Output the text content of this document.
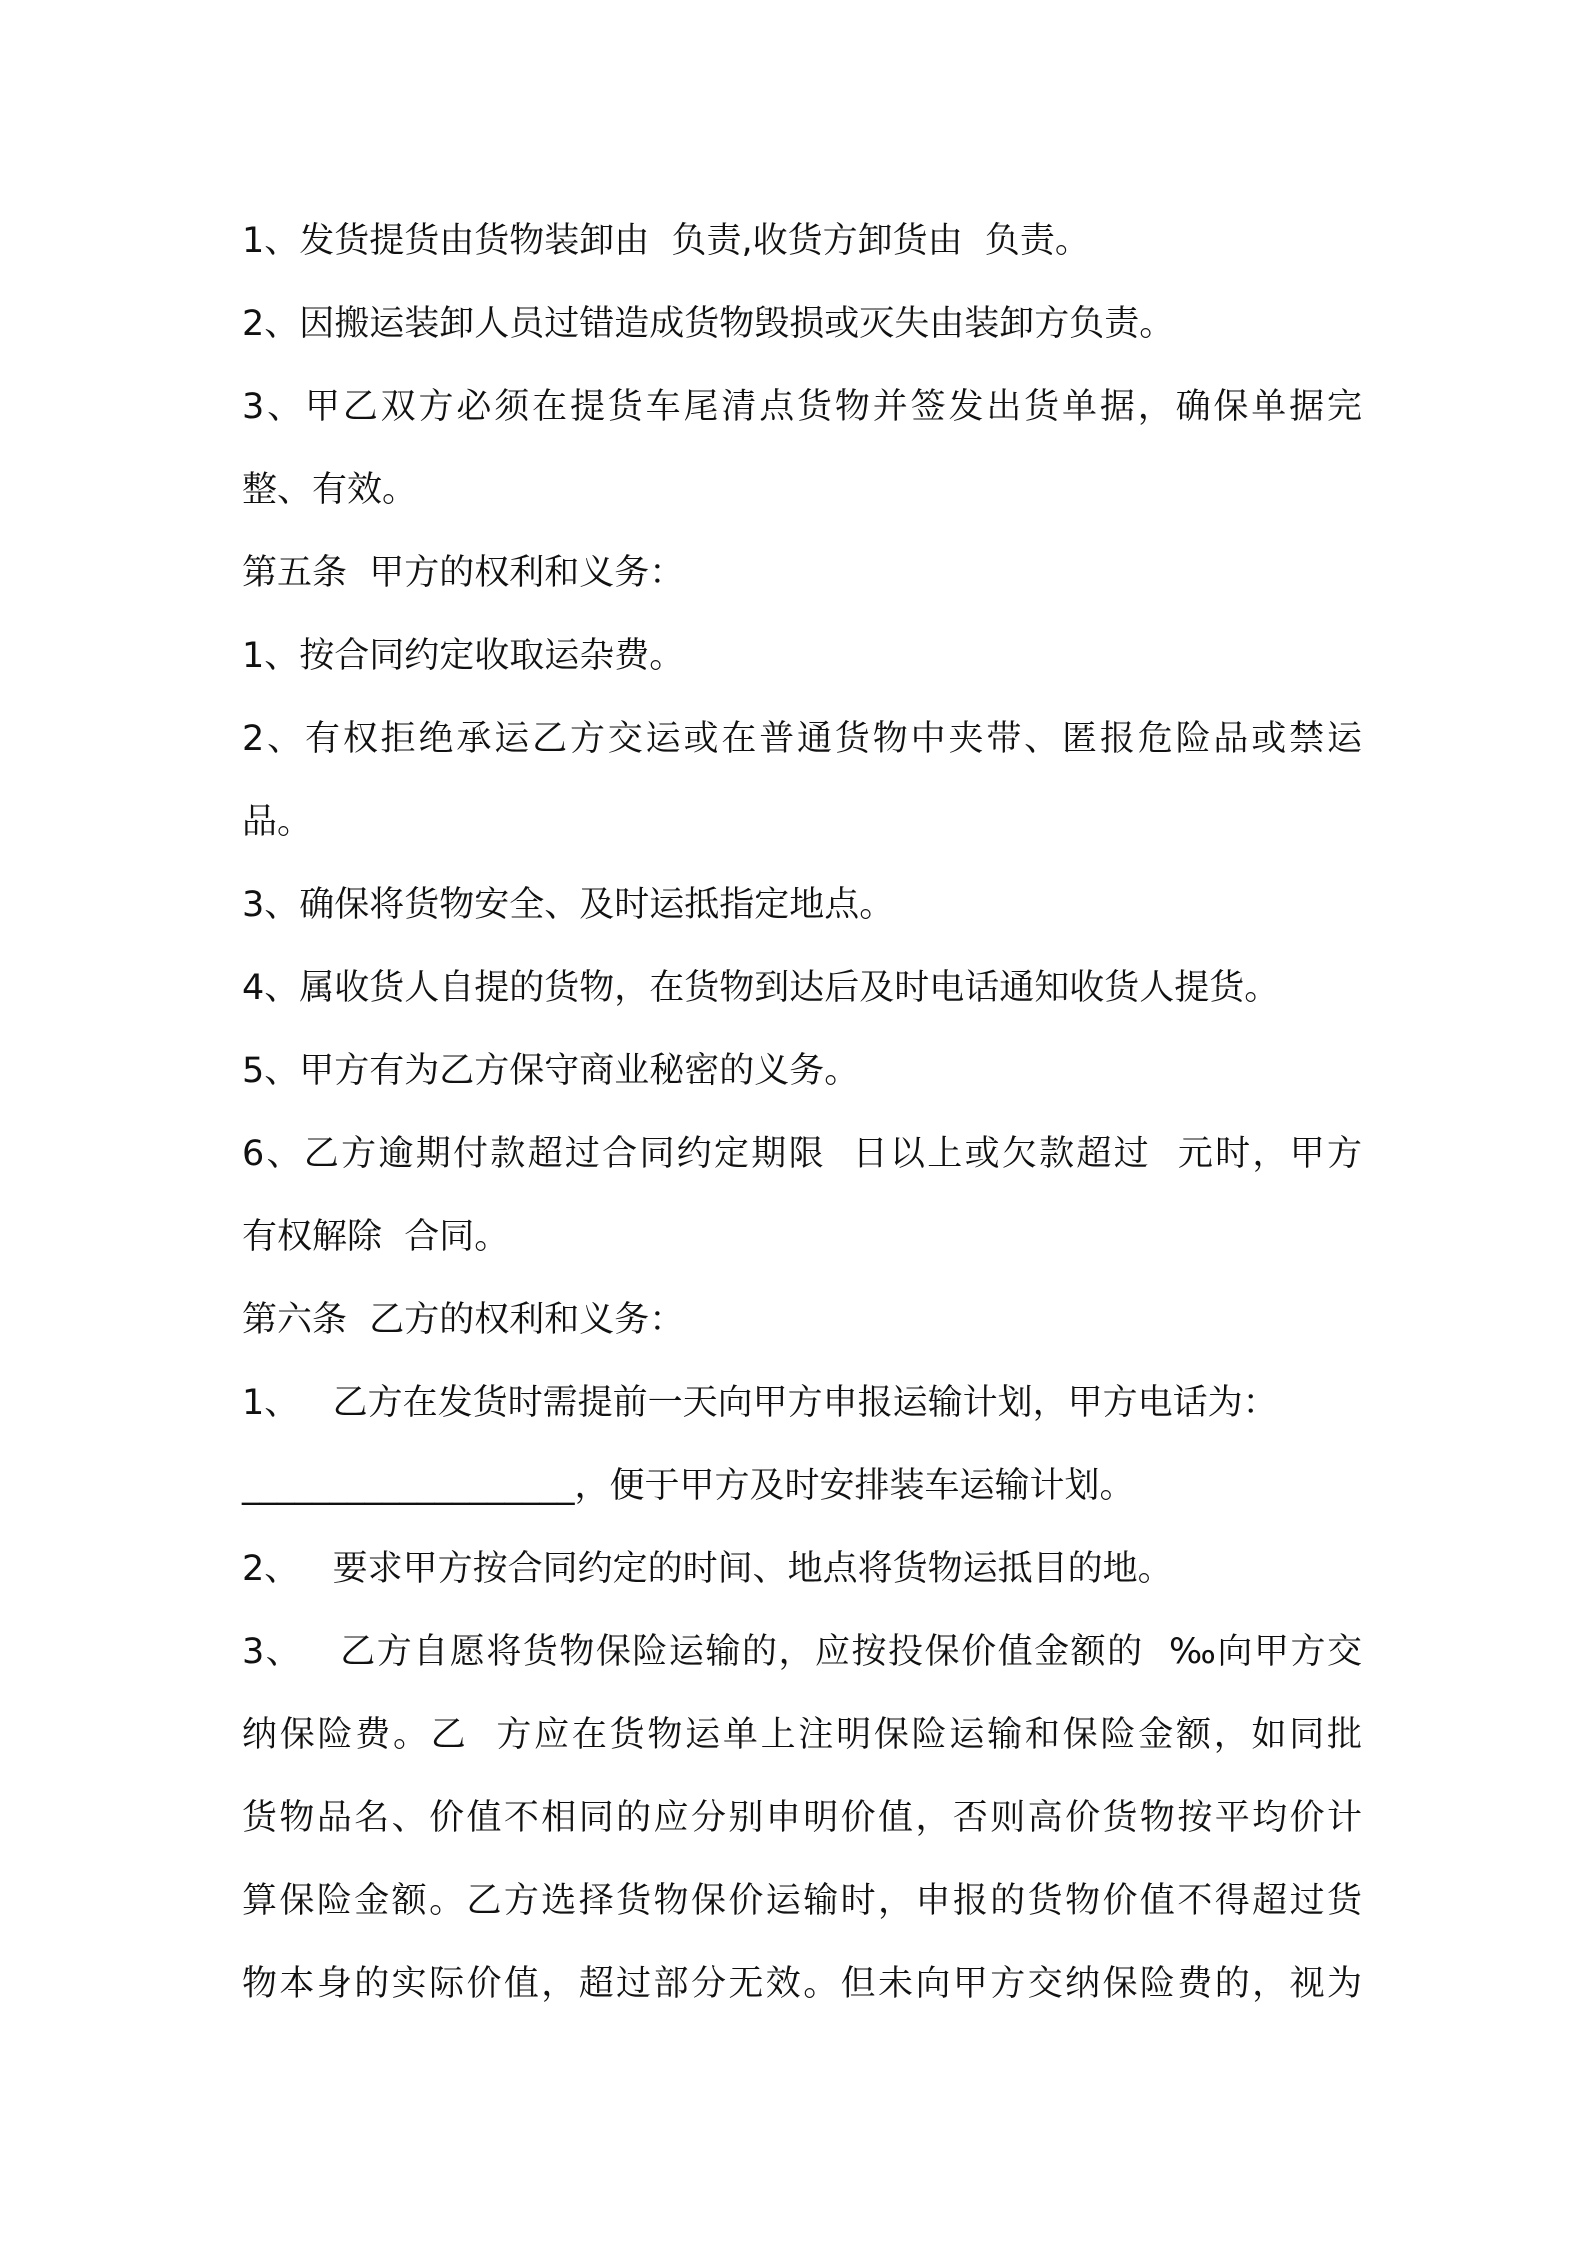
1、发货提货由货物装卸由  负责,收货方卸货由  负责。
2、因搬运装卸人员过错造成货物毁损或灭失由装卸方负责。
3、甲乙双方必须在提货车尾清点货物并签发出货单据，确保单据完
整、有效。
第五条  甲方的权利和义务：
1、按合同约定收取运杂费。
2、有权拒绝承运乙方交运或在普通货物中夹带、匿报危险品或禁运
品。
3、确保将货物安全、及时运抵指定地点。
4、属收货人自提的货物，在货物到达后及时电话通知收货人提货。
5、甲方有为乙方保守商业秘密的义务。
6、乙方逾期付款超过合同约定期限  日以上或欠款超过  元时，甲方
有权解除  合同。
第六条  乙方的权利和义务：
1、   乙方在发货时需提前一天向甲方申报运输计划，甲方电话为：
___________________，便于甲方及时安排装车运输计划。
2、   要求甲方按合同约定的时间、地点将货物运抵目的地。
3、   乙方自愿将货物保险运输的，应按投保价值金额的  ‰向甲方交
纳保险费。乙  方应在货物运单上注明保险运输和保险金额，如同批
货物品名、价值不相同的应分别申明价值，否则高价货物按平均价计
算保险金额。乙方选择货物保价运输时，申报的货物价值不得超过货
物本身的实际价值，超过部分无效。但未向甲方交纳保险费的，视为
